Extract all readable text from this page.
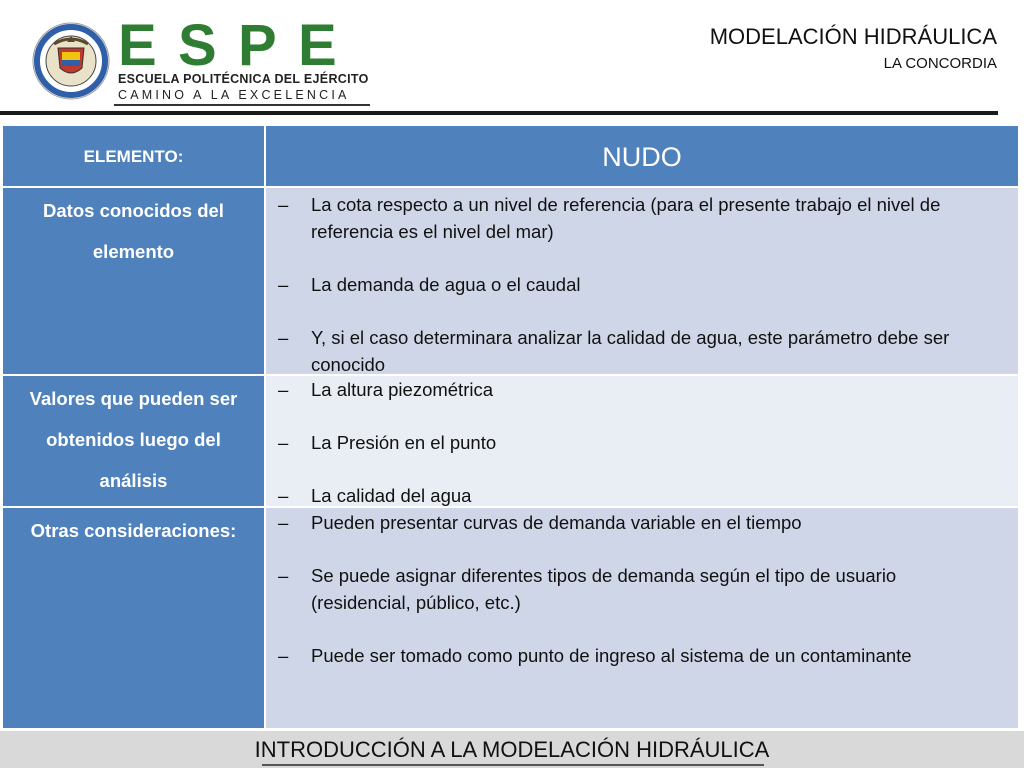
E S P E
ESCUELA POLITÉCNICA DEL EJÉRCITO
CAMINO A LA EXCELENCIA
MODELACIÓN HIDRÁULICA
LA CONCORDIA
ELEMENTO:	NUDO
Datos conocidos del
elemento
– La cota respecto a un nivel de referencia (para el presente trabajo el nivel de referencia es el nivel del mar)
– La demanda de agua o el caudal
– Y, si el caso determinara analizar la calidad de agua, este parámetro debe ser conocido
Valores que pueden ser
obtenidos luego del
análisis
– La altura piezométrica
– La Presión en el punto
– La calidad del agua
Otras consideraciones:	– Pueden presentar curvas de demanda variable en el tiempo
– Se puede asignar diferentes tipos de demanda según el tipo de usuario (residencial, público, etc.)
– Puede ser tomado como punto de ingreso al sistema de un contaminante
INTRODUCCIÓN A LA MODELACIÓN HIDRÁULICA
